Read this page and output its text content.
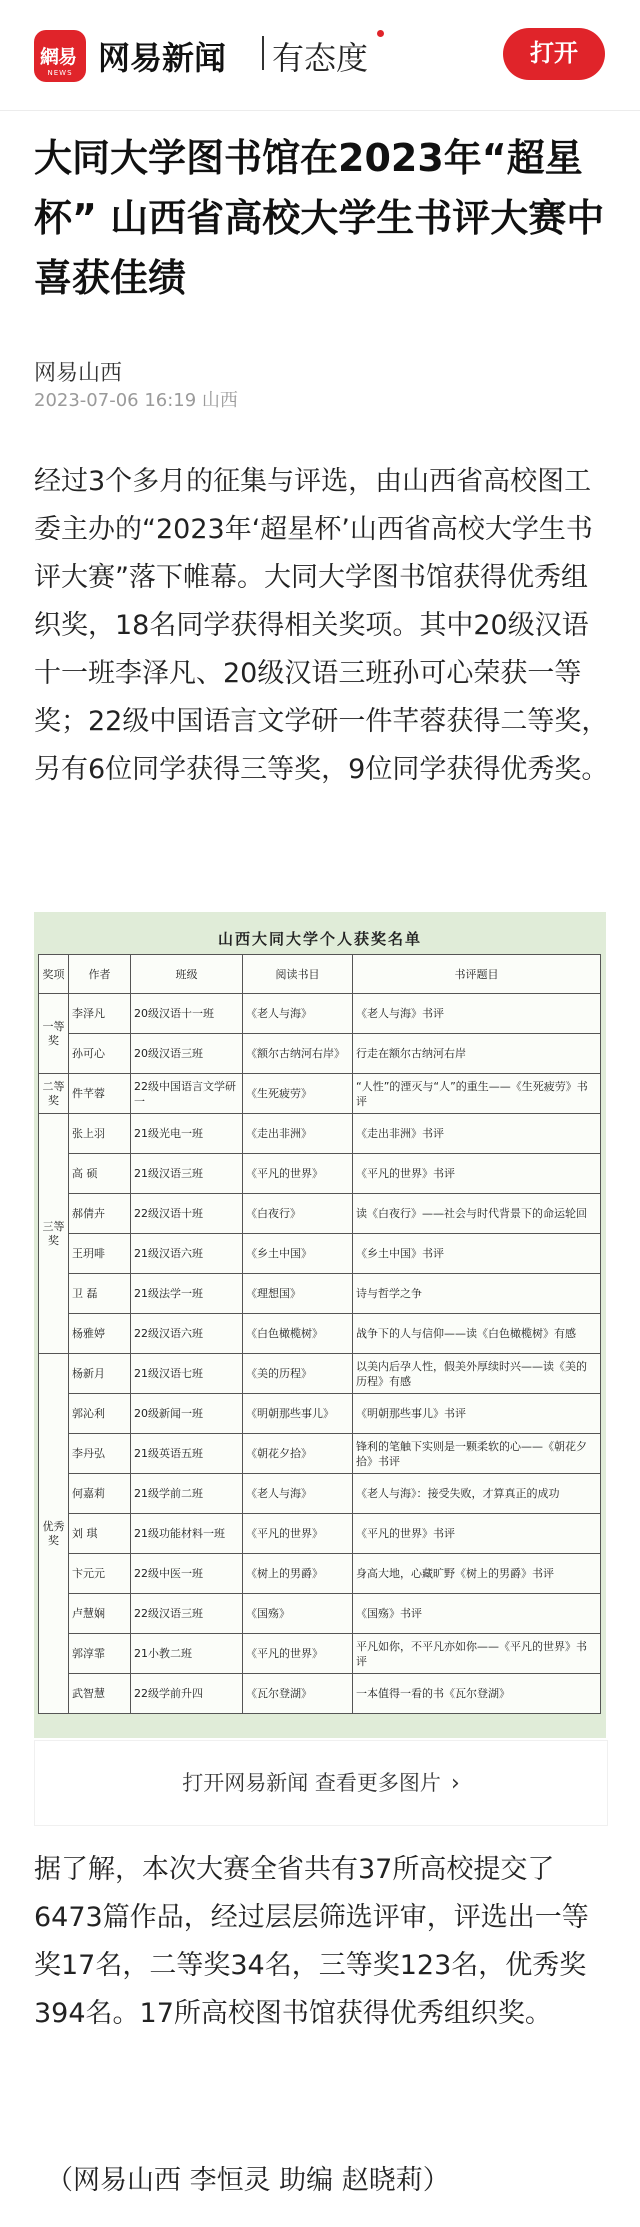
網易
NEWS 网易新闻 有态度	打开
大同大学图书馆在2023年“超星杯” 山西省高校大学生书评大赛中喜获佳绩
网易山西
2023-07-06 16:19 山西

经过3个多月的征集与评选，由山西省高校图工委主办的“2023年‘超星杯’山西省高校大学生书评大赛”落下帷幕。大同大学图书馆获得优秀组织奖，18名同学获得相关奖项。其中20级汉语十一班李泽凡、20级汉语三班孙可心荣获一等奖；22级中国语言文学研一件芊蓉获得二等奖，另有6位同学获得三等奖，9位同学获得优秀奖。

山西大同大学个人获奖名单
奖项	作者	班级	阅读书目	书评题目
一等奖	李泽凡	20级汉语十一班	《老人与海》	《老人与海》书评
	孙可心	20级汉语三班	《额尔古纳河右岸》	行走在额尔古纳河右岸
二等奖	件芊蓉	22级中国语言文学研一	《生死疲劳》	“人性”的湮灭与“人”的重生——《生死疲劳》书评
三等奖	张上羽	21级光电一班	《走出非洲》	《走出非洲》书评
	高 硕	21级汉语三班	《平凡的世界》	《平凡的世界》书评
	郝倩卉	22级汉语十班	《白夜行》	读《白夜行》——社会与时代背景下的命运轮回
	王玥啡	21级汉语六班	《乡土中国》	《乡土中国》书评
	卫 磊	21级法学一班	《理想国》	诗与哲学之争
	杨雅婷	22级汉语六班	《白色橄榄树》	战争下的人与信仰——读《白色橄榄树》有感
优秀奖	杨新月	21级汉语七班	《美的历程》	以美内后孕人性，假美外厚续时兴——读《美的历程》有感
	郭沁利	20级新闻一班	《明朝那些事儿》	《明朝那些事儿》书评
	李丹弘	21级英语五班	《朝花夕拾》	锋利的笔触下实则是一颗柔软的心——《朝花夕拾》书评
	何嘉莉	21级学前二班	《老人与海》	《老人与海》：接受失败，才算真正的成功
	刘 琪	21级功能材料一班	《平凡的世界》	《平凡的世界》书评
	卞元元	22级中医一班	《树上的男爵》	身高大地，心藏旷野《树上的男爵》书评
	卢慧娴	22级汉语三班	《国殇》	《国殇》书评
	郭淳霏	21小教二班	《平凡的世界》	平凡如你，不平凡亦如你——《平凡的世界》书评
	武智慧	22级学前升四	《瓦尔登湖》	一本值得一看的书《瓦尔登湖》
打开网易新闻 查看更多图片 ›

据了解，本次大赛全省共有37所高校提交了6473篇作品，经过层层筛选评审，评选出一等奖17名，二等奖34名，三等奖123名，优秀奖394名。17所高校图书馆获得优秀组织奖。

（网易山西 李恒灵 助编 赵晓莉）
